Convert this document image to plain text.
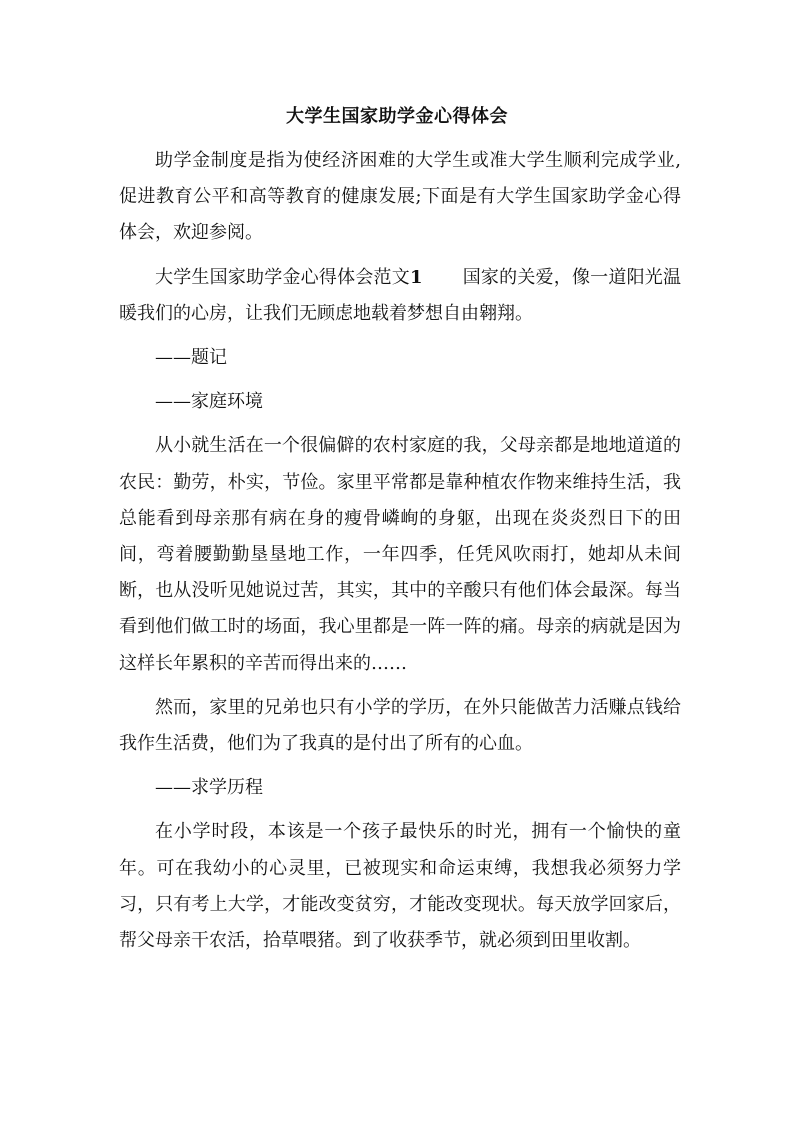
大学生国家助学金心得体会

助学金制度是指为使经济困难的大学生或准大学生顺利完成学业,促进教育公平和高等教育的健康发展;下面是有大学生国家助学金心得体会，欢迎参阅。

大学生国家助学金心得体会范文1 国家的关爱，像一道阳光温暖我们的心房，让我们无顾虑地载着梦想自由翱翔。

——题记

——家庭环境

从小就生活在一个很偏僻的农村家庭的我，父母亲都是地地道道的农民：勤劳，朴实，节俭。家里平常都是靠种植农作物来维持生活，我总能看到母亲那有病在身的瘦骨嶙峋的身躯，出现在炎炎烈日下的田间，弯着腰勤勤垦垦地工作，一年四季，任凭风吹雨打，她却从未间断，也从没听见她说过苦，其实，其中的辛酸只有他们体会最深。每当看到他们做工时的场面，我心里都是一阵一阵的痛。母亲的病就是因为这样长年累积的辛苦而得出来的……

然而，家里的兄弟也只有小学的学历，在外只能做苦力活赚点钱给我作生活费，他们为了我真的是付出了所有的心血。

——求学历程

在小学时段，本该是一个孩子最快乐的时光，拥有一个愉快的童年。可在我幼小的心灵里，已被现实和命运束缚，我想我必须努力学习，只有考上大学，才能改变贫穷，才能改变现状。每天放学回家后，帮父母亲干农活，拾草喂猪。到了收获季节，就必须到田里收割。
